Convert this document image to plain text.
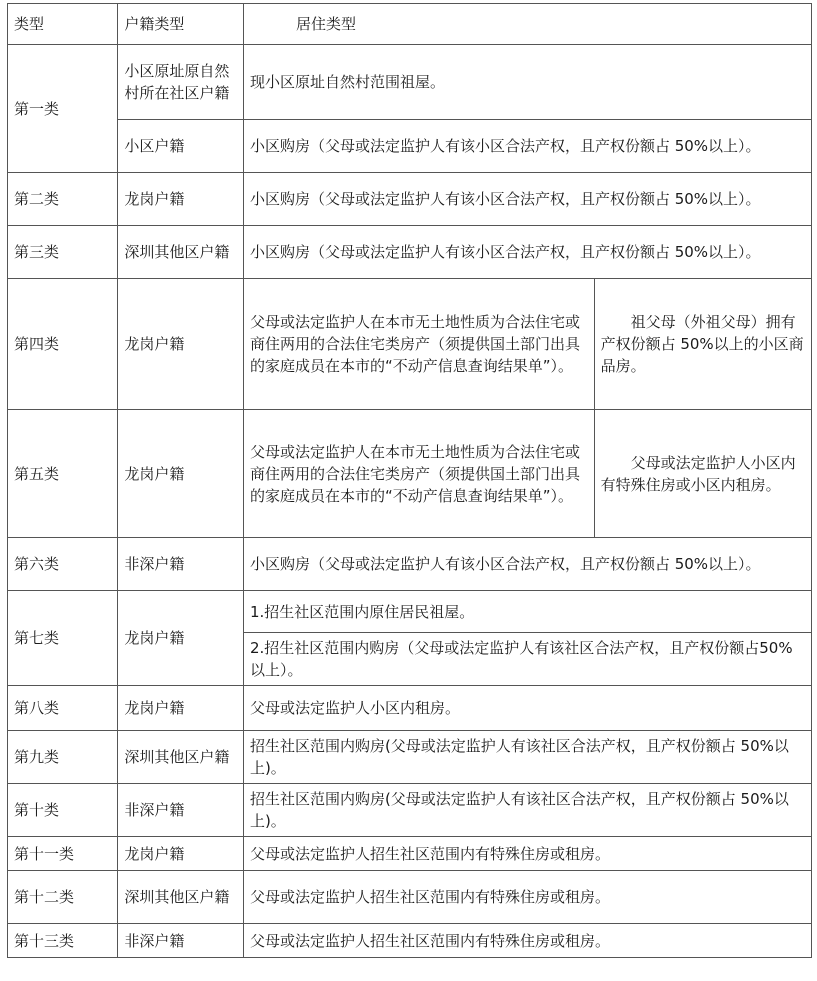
类型	户籍类型	居住类型	
第一类	小区原址原自然村所在社区户籍	现小区原址自然村范围祖屋。	
	小区户籍	小区购房（父母或法定监护人有该小区合法产权，且产权份额占 50%以上）。	
第二类	龙岗户籍	小区购房（父母或法定监护人有该小区合法产权，且产权份额占 50%以上）。	
第三类	深圳其他区户籍	小区购房（父母或法定监护人有该小区合法产权，且产权份额占 50%以上）。	
第四类	龙岗户籍	父母或法定监护人在本市无土地性质为合法住宅或商住两用的合法住宅类房产（须提供国土部门出具的家庭成员在本市的“不动产信息查询结果单”）。	祖父母（外祖父母）拥有产权份额占 50%以上的小区商品房。
第五类	龙岗户籍	父母或法定监护人在本市无土地性质为合法住宅或商住两用的合法住宅类房产（须提供国土部门出具的家庭成员在本市的“不动产信息查询结果单”）。	父母或法定监护人小区内有特殊住房或小区内租房。
第六类	非深户籍	小区购房（父母或法定监护人有该小区合法产权，且产权份额占 50%以上）。	
第七类	龙岗户籍	1.招生社区范围内原住居民祖屋。	
		2.招生社区范围内购房（父母或法定监护人有该社区合法产权，且产权份额占50%以上）。	
第八类	龙岗户籍	父母或法定监护人小区内租房。	
第九类	深圳其他区户籍	招生社区范围内购房(父母或法定监护人有该社区合法产权，且产权份额占 50%以上)。	
第十类	非深户籍	招生社区范围内购房(父母或法定监护人有该社区合法产权，且产权份额占 50%以上)。	
第十一类	龙岗户籍	父母或法定监护人招生社区范围内有特殊住房或租房。	
第十二类	深圳其他区户籍	父母或法定监护人招生社区范围内有特殊住房或租房。	
第十三类	非深户籍	父母或法定监护人招生社区范围内有特殊住房或租房。	
